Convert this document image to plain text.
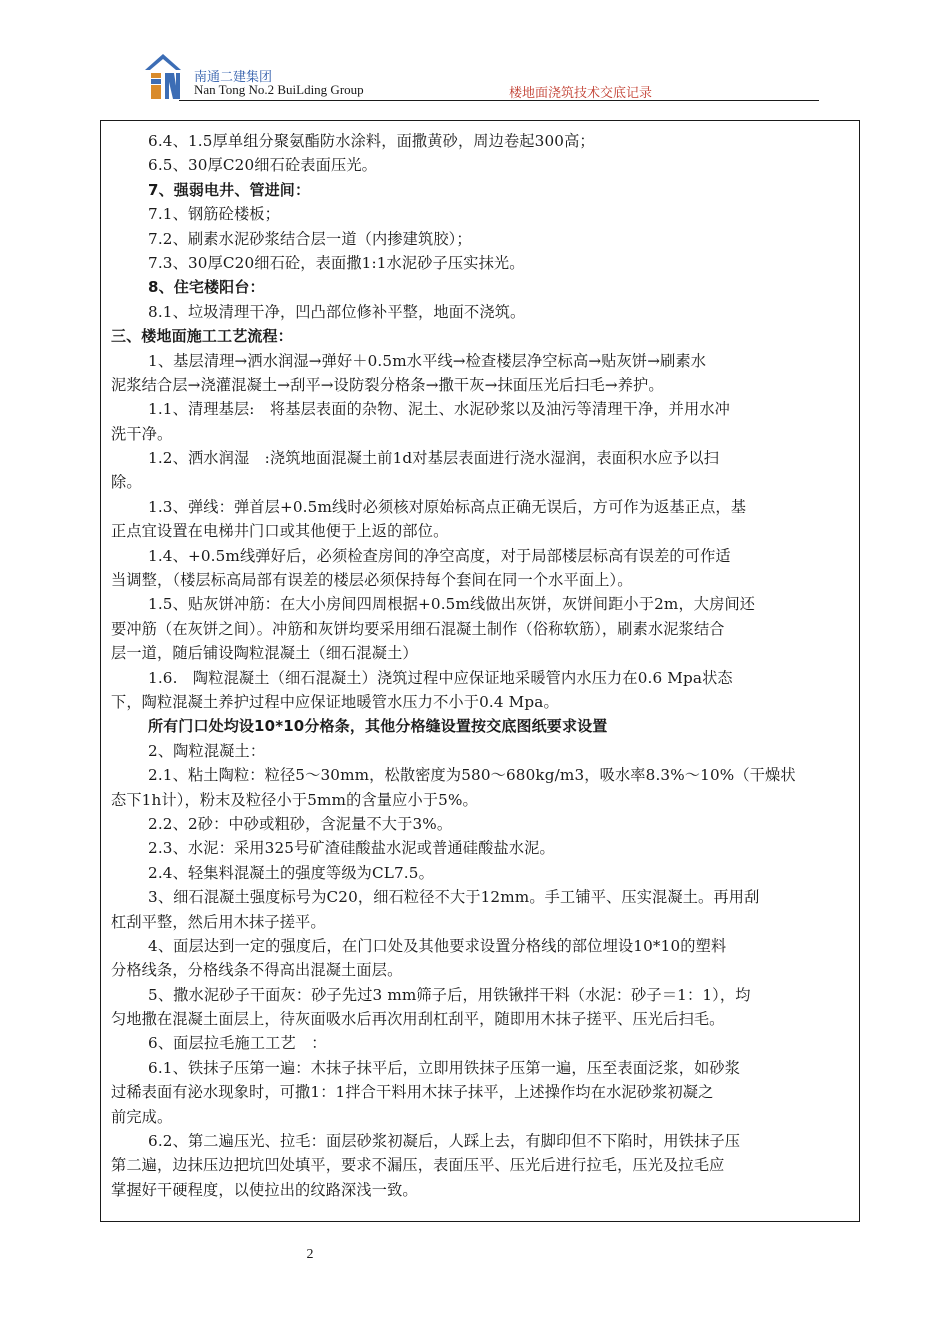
南通二建集团
Nan Tong No.2 BuiLding Group	楼地面浇筑技术交底记录
6.4、1.5厚单组分聚氨酯防水涂料，面撒黄砂，周边卷起300高；
6.5、30厚C20细石砼表面压光。
7、强弱电井、管进间：
7.1、钢筋砼楼板；
7.2、刷素水泥砂浆结合层一道（内掺建筑胶）；
7.3、30厚C20细石砼，表面撒1:1水泥砂子压实抹光。
8、住宅楼阳台：
8.1、垃圾清理干净，凹凸部位修补平整，地面不浇筑。
三、楼地面施工工艺流程：
1、基层清理→洒水润湿→弹好＋0.5m水平线→检查楼层净空标高→贴灰饼→刷素水
泥浆结合层→浇灌混凝土→刮平→设防裂分格条→撒干灰→抹面压光后扫毛→养护。
1.1、清理基层:　将基层表面的杂物、泥土、水泥砂浆以及油污等清理干净，并用水冲
洗干净。
1.2、洒水润湿　:浇筑地面混凝土前1d对基层表面进行浇水湿润，表面积水应予以扫
除。
1.3、弹线：弹首层+0.5m线时必须核对原始标高点正确无误后，方可作为返基正点，基
正点宜设置在电梯井门口或其他便于上返的部位。
1.4、+0.5m线弹好后，必须检查房间的净空高度，对于局部楼层标高有误差的可作适
当调整，（楼层标高局部有误差的楼层必须保持每个套间在同一个水平面上）。
1.5、贴灰饼冲筋：在大小房间四周根据+0.5m线做出灰饼，灰饼间距小于2m，大房间还
要冲筋（在灰饼之间）。冲筋和灰饼均要采用细石混凝土制作（俗称软筋），刷素水泥浆结合
层一道，随后铺设陶粒混凝土（细石混凝土）
1.6.　陶粒混凝土（细石混凝土）浇筑过程中应保证地采暖管内水压力在0.6 Mpa状态
下，陶粒混凝土养护过程中应保证地暖管水压力不小于0.4 Mpa。
所有门口处均设10*10分格条，其他分格缝设置按交底图纸要求设置
2、陶粒混凝土：
2.1、粘土陶粒：粒径5～30mm，松散密度为580～680kg/m3，吸水率8.3%～10%（干燥状
态下1h计），粉末及粒径小于5mm的含量应小于5%。
2.2、2砂：中砂或粗砂，含泥量不大于3%。
2.3、水泥：采用325号矿渣硅酸盐水泥或普通硅酸盐水泥。
2.4、轻集料混凝土的强度等级为CL7.5。
3、细石混凝土强度标号为C20，细石粒径不大于12mm。手工铺平、压实混凝土。再用刮
杠刮平整，然后用木抹子搓平。
4、面层达到一定的强度后，在门口处及其他要求设置分格线的部位埋设10*10的塑料
分格线条，分格线条不得高出混凝土面层。
5、撒水泥砂子干面灰：砂子先过3 mm筛子后，用铁锹拌干料（水泥：砂子＝1：1），均
匀地撒在混凝土面层上，待灰面吸水后再次用刮杠刮平，随即用木抹子搓平、压光后扫毛。
6、面层拉毛施工工艺　：
6.1、铁抹子压第一遍：木抹子抹平后，立即用铁抹子压第一遍，压至表面泛浆，如砂浆
过稀表面有泌水现象时，可撒1：1拌合干料用木抹子抹平，上述操作均在水泥砂浆初凝之
前完成。
6.2、第二遍压光、拉毛：面层砂浆初凝后，人踩上去，有脚印但不下陷时，用铁抹子压
第二遍，边抹压边把坑凹处填平，要求不漏压，表面压平、压光后进行拉毛，压光及拉毛应
掌握好干硬程度，以使拉出的纹路深浅一致。
2
